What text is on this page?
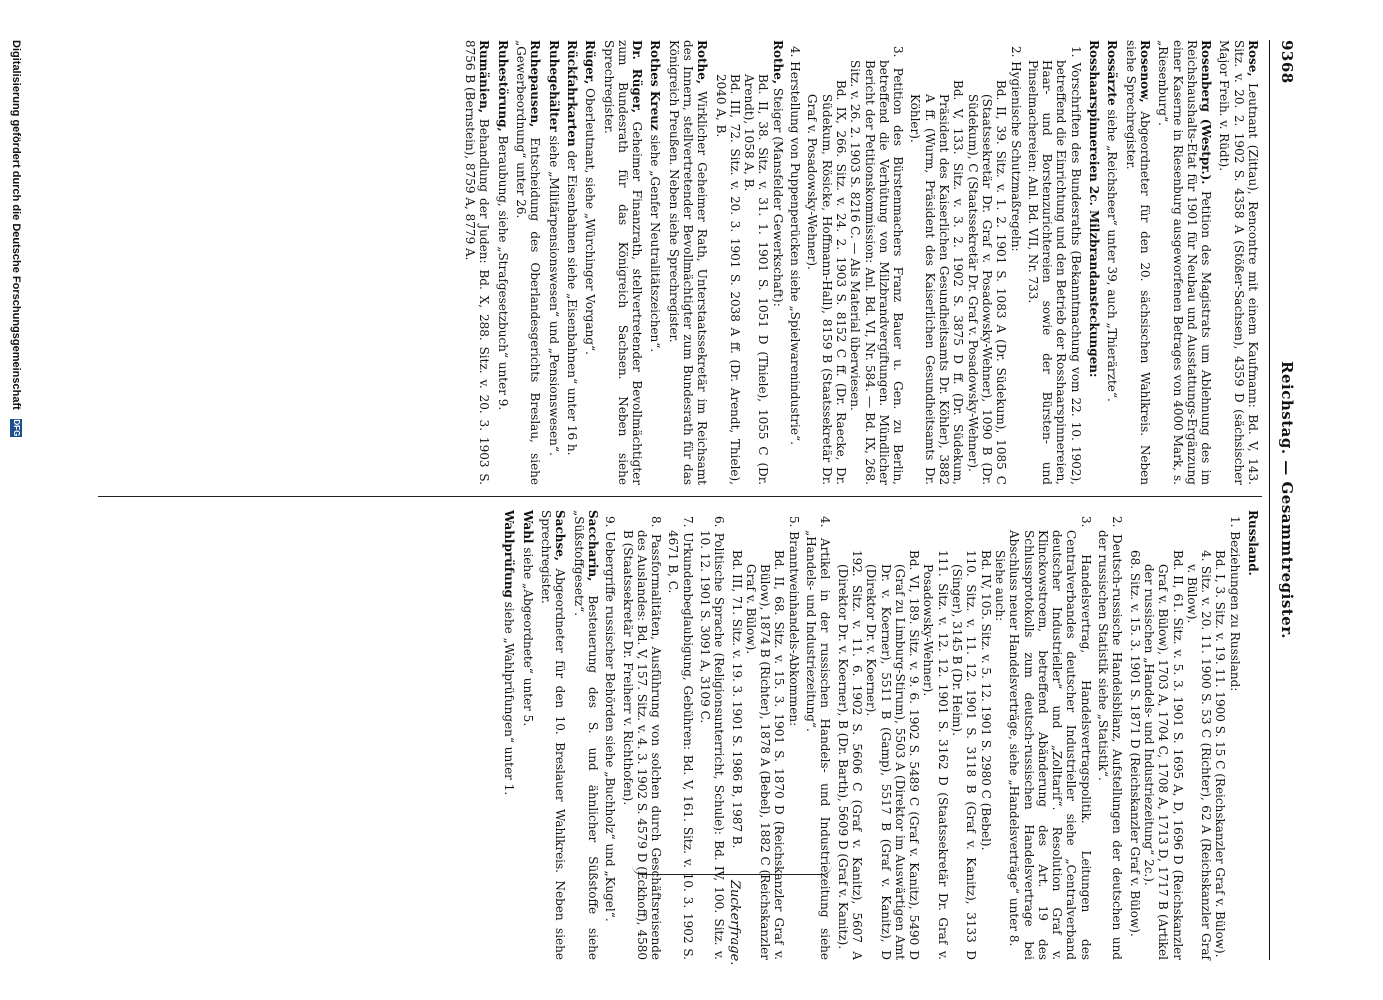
9368
Reichstag. — Gesammtregister.
Rose, Leutnant (Zittau), Rencontre mit einem Kaufmann: Bd. V, 143. Sitz. v. 20. 2. 1902 S. 4358 A (Stößer-Sachsen), 4359 D (sächsischer Major Freih. v. Rüdt).
Rosenberg (Westpr.). Petition des Magistrats um Ablehnung des im Reichshaushalts-Etat für 1901 für Neubau und Ausstattungs-Ergänzung einer Kaserne in Riesenburg ausgeworfenen Betrages von 4000 Mark, s. „Riesenburg“.
Rosenow, Abgeordneter für den 20. sächsischen Wahlkreis. Neben siehe Sprechregister.
Rossärzte siehe „Reichsheer“ unter 39, auch „Thierärzte“.
Rosshaarspinnereien 2c. Milzbrandansteckungen:
1. Vorschriften des Bundesraths (Bekanntmachung vom 22. 10. 1902), betreffend die Einrichtung und den Betrieb der Rosshaarspinnereien, Haar- und Borstenzurichtereien sowie der Bürsten- und Pinselmachereien: Anl. Bd. VII, Nr. 733.
2. Hygienische Schutzmaßregeln:
Bd. II, 39. Sitz. v. 1. 2. 1901 S. 1083 A (Dr. Südekum), 1085 C (Staatssekretär Dr. Graf v. Posadowsky-Wehner), 1090 B (Dr. Südekum), C (Staatssekretär Dr. Graf v. Posadowsky-Wehner).
Bd. V, 133. Sitz. v. 3. 2. 1902 S. 3875 D ff. (Dr. Südekum, Präsident des Kaiserlichen Gesundheitsamts Dr. Köhler), 3882 A ff. (Wurm, Präsident des Kaiserlichen Gesundheitsamts Dr. Köhler).
3. Petition des Bürstenmachers Franz Bauer u. Gen. zu Berlin, betreffend die Verhütung von Milzbrandvergiftungen. Mündlicher Bericht der Petitionskommission: Anl. Bd. VI, Nr. 584. — Bd. IX, 268. Sitz. v. 26. 2. 1903 S. 8216 C. — Als Material überwiesen.
Bd. IX, 266. Sitz. v. 24. 2. 1903 S. 8152 C ff. (Dr. Raecke, Dr. Südekum, Rösicke, Hoffmann-Hall), 8159 B (Staatssekretär Dr. Graf v. Posadowsky-Wehner).
4. Herstellung von Puppenperücken siehe „Spielwarenindustrie“.
Rothe, Steiger (Mansfelder Gewerkschaft):
Bd. II, 38. Sitz. v. 31. 1. 1901 S. 1051 D (Thiele), 1055 C (Dr. Arendt), 1058 A, B.
Bd. III, 72. Sitz. v. 20. 3. 1901 S. 2038 A ff. (Dr. Arendt, Thiele), 2040 A, B.
Rothe, Wirklicher Geheimer Rath, Unterstaatssekretär im Reichsamt des Innern, stellvertretender Bevollmächtigter zum Bundesrath für das Königreich Preußen. Neben siehe Sprechregister.
Rothes Kreuz siehe „Genfer Neutralitätszeichen“.
Dr. Rüger, Geheimer Finanzrath, stellvertretender Bevollmächtigter zum Bundesrath für das Königreich Sachsen. Neben siehe Sprechregister.
Rüger, Oberleutnant, siehe „Würchinger Vorgang“.
Rückfahrkarten der Eisenbahnen siehe „Eisenbahnen“ unter 16 h.
Ruhegehälter siehe „Militärpensionswesen“ und „Pensionswesen“.
Ruhepausen, Entscheidung des Oberlandesgerichts Breslau, siehe „Gewerbeordnung“ unter 26.
Ruhestörung, Beraubung, siehe „Strafgesetzbuch“ unter 9.
Rumänien, Behandlung der Juden: Bd. X, 288. Sitz. v. 20. 3. 1903 S. 8756 B (Bernstein), 8759 A, 8779 A.
Russland.
1. Beziehungen zu Russland:
Bd. I, 3. Sitz. v. 19. 11. 1900 S. 15 C (Reichskanzler Graf v. Bülow).
4. Sitz. v. 20. 11. 1900 S. 53 C (Richter), 62 A (Reichskanzler Graf v. Bülow).
Bd. II, 61. Sitz. v. 5. 3. 1901 S. 1695 A, D, 1696 D (Reichskanzler Graf v. Bülow), 1703 A, 1704 C, 1708 A, 1713 D, 1717 B (Artikel der russischen „Handels- und Industriezeitung“ 2c.).
68. Sitz. v. 15. 3. 1901 S. 1871 D (Reichskanzler Graf v. Bülow).
2. Deutsch-russische Handelsbilanz, Aufstellungen der deutschen und der russischen Statistik siehe „Statistik“.
3. Handelsvertrag, Handelsvertragspolitik. Leitungen des Centralverbandes deutscher Industrieller siehe „Centralverband deutscher Industrieller“ und „Zolltarif“. Resolution Graf v. Klinckowstroem, betreffend Abänderung des Art. 19 des Schlussprotokolls zum deutsch-russischen Handelsvertrage bei Abschluss neuer Handelsverträge, siehe „Handelsverträge“ unter 8.
Siehe auch:
Bd. IV, 105. Sitz. v. 5. 12. 1901 S. 2980 C (Bebel).
110. Sitz. v. 11. 12. 1901 S. 3118 B (Graf v. Kanitz), 3133 D (Singer), 3145 B (Dr. Heim).
111. Sitz. v. 12. 12. 1901 S. 3162 D (Staatssekretär Dr. Graf v. Posadowsky-Wehner).
Bd. VI, 189. Sitz. v. 9. 6. 1902 S. 5489 C (Graf v. Kanitz), 5490 D (Graf zu Limburg-Stirum), 5503 A (Direktor im Auswärtigen Amt Dr. v. Koerner), 5511 B (Gamp), 5517 B (Graf v. Kanitz), D (Direktor Dr. v. Koerner).
192. Sitz. v. 11. 6. 1902 S. 5606 C (Graf v. Kanitz), 5607 A (Direktor Dr. v. Koerner), B (Dr. Barth), 5609 D (Graf v. Kanitz).
4. Artikel in der russischen Handels- und Industriezeitung siehe „Handels- und Industriezeitung“.
5. Branntweinhandels-Abkommen:
Bd. II, 68. Sitz. v. 15. 3. 1901 S. 1870 D (Reichskanzler Graf v. Bülow), 1874 B (Richter), 1878 A (Bebel), 1882 C (Reichskanzler Graf v. Bülow).
Bd. III, 71. Sitz. v. 19. 3. 1901 S. 1986 B, 1987 B.
6. Politische Sprache (Religionsunterricht, Schule): Bd. IV, 100. Sitz. v. 10. 12. 1901 S. 3091 A, 3109 C.
7. Urkundenbeglaubigung, Gebühren: Bd. V, 161. Sitz. v. 10. 3. 1902 S. 4671 B, C.
8. Passformalitäten, Ausführung von solchen durch Geschäftsreisende des Auslandes: Bd. V, 157. Sitz. v. 4. 3. 1902 S. 4579 D (Eckhoff), 4580 B (Staatssekretär Dr. Freiherr v. Richthofen).
9. Uebergriffe russischer Behörden siehe „Buchholz“ und „Kugel“.
Saccharin, Besteuerung des S. und ähnlicher Süßstoffe siehe „Süßstoffgesetz“.
Sachse, Abgeordneter für den 10. Breslauer Wahlkreis. Neben siehe Sprechregister.
Wahl siehe „Abgeordnete“ unter 5.
Wahlprüfung siehe „Wahlprüfungen“ unter 1.
Zuckerfrage.
Digitalisierung gefördert durch die Deutsche Forschungsgemeinschaft DFG
